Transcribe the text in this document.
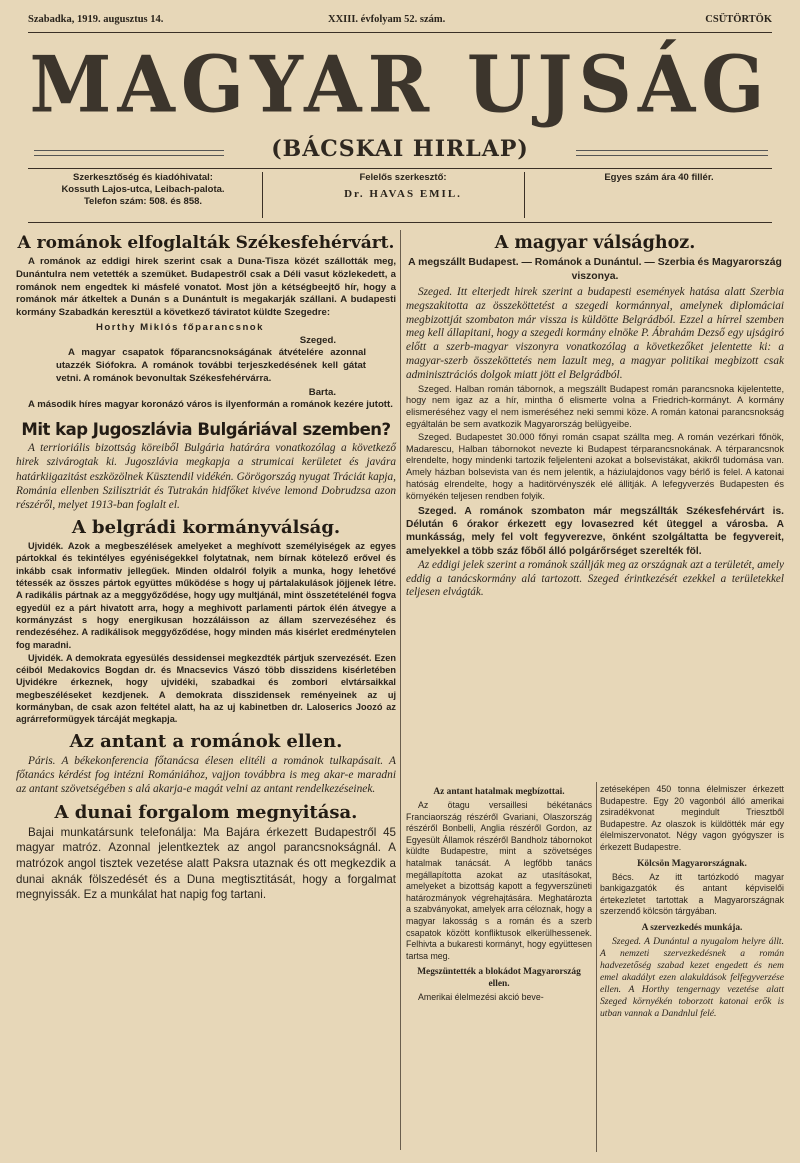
Szabadka, 1919. augusztus 14.	XXIII. évfolyam 52. szám.	CSÜTÖRTÖK
MAGYAR UJSÁG
(BÁCSKAI HIRLAP)
Szerkesztőség és kiadóhivatal:
Kossuth Lajos-utca, Leibach-palota.
Telefon szám: 508. és 858.
Felelős szerkesztő:
Dr. HAVAS EMIL.
Egyes szám ára 40 fillér.
A románok elfoglalták Székesfehérvárt.

A románok az eddigi hirek szerint csak a Duna-Tisza közét szállották meg, Dunántulra nem vetették a szemüket. Budapestről csak a Déli vasut közlekedett, a románok nem engedtek ki másfelé vonatot. Most jön a kétségbeejtő hír, hogy a románok már átkeltek a Dunán s a Dunántult is megakarják szállani. A budapesti kormány Szabadkán keresztül a következő táviratot küldte Szegedre:

Horthy Miklós főparancsnok
Szeged.

A magyar csapatok főparancsnokságának átvételére azonnal utazzék Siófokra. A románok további terjeszkedésének kell gátat vetni. A románok bevonultak Székesfehérvárra.

Barta.

A második híres magyar koronázó város is ilyenformán a románok kezére jutott.

Mit kap Jugoszlávia Bulgáriával szemben?

A terrioriális bizottság köreiből Bulgária határára vonatkozólag a következő hirek szivárogtak ki. Jugoszlávia megkapja a strumicai kerületet és javára határkiigazitást eszközölnek Küsztendil vidékén. Görögország nyugat Tráciát kapja, Románia ellenben Szilisztriát és Tutrakán hidfőket kivéve lemond Dobrudzsa azon részéről, melyet 1913-ban foglalt el.

A belgrádi kormányválság.

Ujvidék. Azok a megbeszélések amelyeket a meghívott személyiségek az egyes pártokkal és tekintélyes egyéniségekkel folytatnak, nem bírnak kötelező erővel és inkább csak informativ jellegűek. Minden oldalról folyik a munka, hogy lehetővé tétessék az összes pártok együttes működése s hogy uj pártalakulások jöjjenek létre. A radikális pártnak az a meggyőződése, hogy ugy multjánál, mint összetételénél fogva egyedül ez a párt hivatott arra, hogy a meghivott parlamenti pártok élén átvegye a kormányzást s hogy energikusan hozzáláisson az állam szervezéséhez és rendezéséhez. A radikálisok meggyőződése, hogy minden más kisérlet eredménytelen fog maradni.

Ujvidék. A demokrata egyesülés dessidensei megkezdték pártjuk szervezését. Ezen céiból Medakovics Bogdan dr. és Mnacsevics Vászó több disszidens kisérletében Ujvidékre érkeznek, hogy ujvidéki, szabadkai és zombori elvtársaikkal megbeszéléseket kezdjenek. A demokrata disszidensek reményeinek az uj kormányban, de csak azon feltétel alatt, ha az uj kabinetben dr. Laloserics Joozó az agrárreformügyek tárcáját megkapja.

Az antant a románok ellen.

Páris. A békekonferencia főtanácsa élesen elitéli a románok tulkapásait. A főtanács kérdést fog intézni Romániához, vajjon továbbra is meg akar-e maradni az antant szövetségében s alá akarja-e magát velni az antant rendelkezéseinek.

A dunai forgalom megnyitása.

Bajai munkatársunk telefonálja: Ma Bajára érkezett Budapestről 45 magyar matróz. Azonnal jelentkeztek az angol parancsnokságnál. A matrózok angol tisztek vezetése alatt Paksra utaznak és ott megkezdik a dunai aknák fölszedését és a Duna megtisztitását, hogy a forgalmat megnyissák. Ez a munkálat hat napig fog tartani.

A magyar válsághoz.
A megszállt Budapest. — Románok a Dunántul. — Szerbia és Magyarország viszonya.

Szeged. Itt elterjedt hirek szerint a budapesti események hatása alatt Szerbia megszakitotta az összeköttetést a szegedi kormánnyal, amelynek diplomáciai megbizottját szombaton már vissza is küldötte Belgrádból. Ezzel a hírrel szemben meg kell állapitani, hogy a szegedi kormány elnöke P. Ábrahám Dezső egy ujságiró előtt a szerb-magyar viszonyra vonatkozólag a következőket jelentette ki: a magyar-szerb összeköttetés nem lazult meg, a magyar politikai megbizott csak adminisztrációs dolgok miatt jött el Belgrádból.

Szeged. Halban román tábornok, a megszállt Budapest román parancsnoka kijelentette, hogy nem igaz az a hír, mintha ő elismerte volna a Friedrich-kormányt. A kormány elismeréséhez vagy el nem ismeréséhez neki semmi köze. A román katonai parancsnokság egyáltalán be sem avatkozik Magyarország belügyeibe.

Szeged. Budapestet 30.000 főnyi román csapat szállta meg. A román vezérkari főnök, Madarescu, Halban tábornokot nevezte ki Budapest térparancsnokának. A térparancsnok elrendelte, hogy mindenki tartozik feljelenteni azokat a bolsevistákat, akikről tudomása van. Amely házban bolsevista van és nem jelentik, a háziulajdonos vagy bérlő is felel. A katonai hatóság elrendelte, hogy a haditörvényszék elé állitják. A lefegyverzés Budapesten és környékén teljesen rendben folyik.

Szeged. A románok szombaton már megszállták Székesfehérvárt is. Délután 6 órakor érkezett egy lovasezred két üteggel a városba. A munkásság, mely fel volt fegyverezve, önként szolgáltatta be fegyvereit, amelyekkel a több száz főből álló polgárőrséget szerelték föl.

Az eddigi jelek szerint a románok szállják meg az országnak azt a területét, amely eddig a tanácskormány alá tartozott. Szeged érintkezését ezekkel a területekkel teljesen elvágták.

Az antant hatalmak megbízottai.

Az ötagu versaillesi békétanács Franciaország részéről Gvariani, Olaszország részéről Bonbelli, Anglia részéről Gordon, az Egyesült Államok részéről Bandholz tábornokot küldte Budapestre, mint a szövetséges hatalmak tanácsát. A legfőbb tanács megállapította azokat az utasításokat, amelyeket a bizottság kapott a fegyverszüneti határozmányok végrehajtására. Meghatározta a szabványokat, amelyek arra céloznak, hogy a magyar lakosság s a román és a szerb csapatok között konfliktusok elkerülhessenek. Felhivta a bukaresti kormányt, hogy együttesen tartsa meg.

Megszüntették a blokádot Magyarország ellen.

Amerikai élelmezési akció beve-

zetéseképen 450 tonna élelmiszer érkezett Budapestre. Egy 20 vagonból álló amerikai zsiradékvonat megindult Triesztből Budapestre. Az olaszok is küldötték már egy élelmiszervonatot. Négy vagon gyógyszer is érkezett Budapestre.

Kölcsön Magyarországnak.

Bécs. Az itt tartózkodó magyar bankigazgatók és antant képviselői értekezletet tartottak a Magyarországnak szerzendő kölcsön tárgyában.

A szervezkedés munkája.

Szeged. A Dunántul a nyugalom helyre állt. A nemzeti szervezkedésnek a román hadvezetőség szabad kezet engedett és nem emel akadályt ezen alakuldások felfegyverzése ellen. A Horthy tengernagy vezetése alatt Szeged környékén toborzott katonai erők is utban vannak a Dandnlul felé.
